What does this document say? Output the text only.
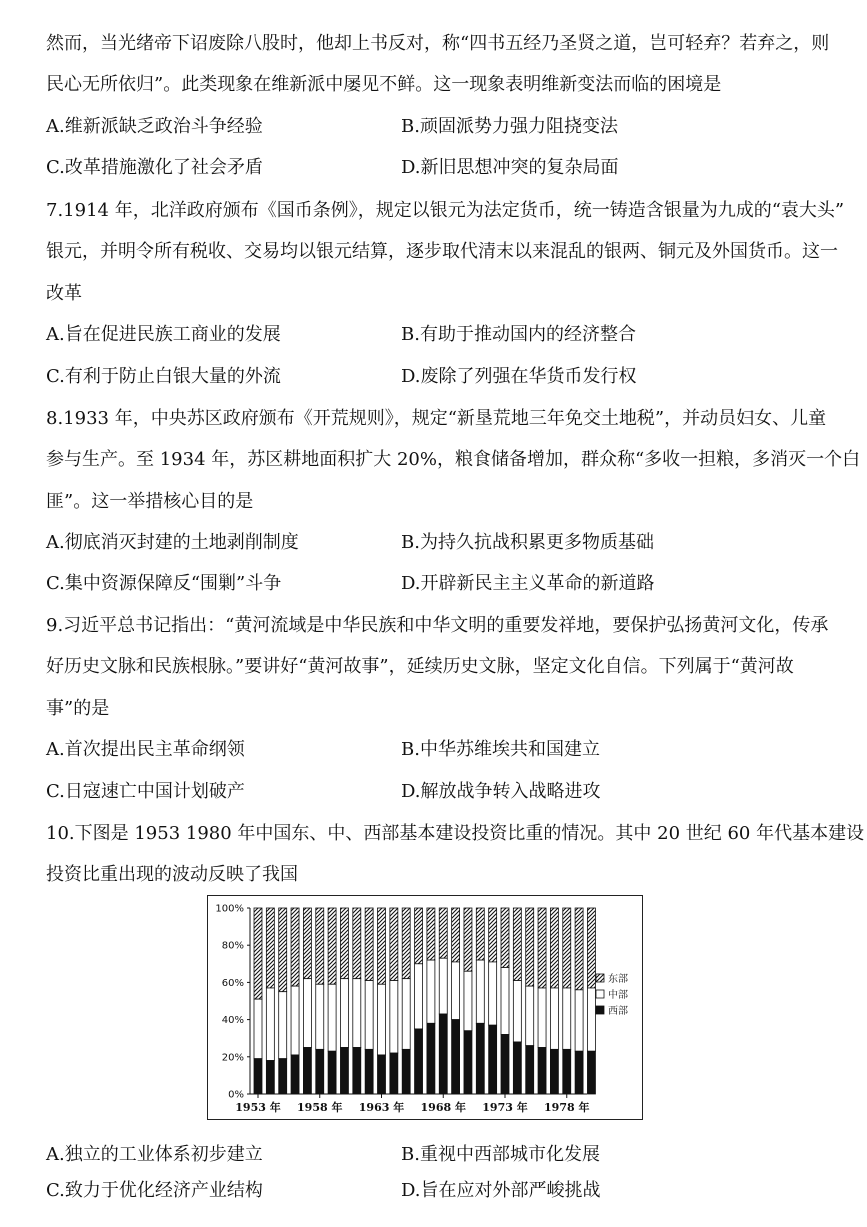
然而，当光绪帝下诏废除八股时，他却上书反对，称“四书五经乃圣贤之道，岂可轻弃？若弃之，则
民心无所依归”。此类现象在维新派中屡见不鲜。这一现象表明维新变法而临的困境是
A.维新派缺乏政治斗争经验	B.顽固派势力强力阻挠变法
C.改革措施激化了社会矛盾	D.新旧思想冲突的复杂局面
7.1914 年，北洋政府颁布《国币条例》，规定以银元为法定货币，统一铸造含银量为九成的“袁大头”
银元，并明令所有税收、交易均以银元结算，逐步取代清末以来混乱的银两、铜元及外国货币。这一
改革
A.旨在促进民族工商业的发展	B.有助于推动国内的经济整合
C.有利于防止白银大量的外流	D.废除了列强在华货币发行权
8.1933 年，中央苏区政府颁布《开荒规则》，规定“新垦荒地三年免交土地税”，并动员妇女、儿童
参与生产。至 1934 年，苏区耕地面积扩大 20%，粮食储备增加，群众称“多收一担粮，多消灭一个白
匪”。这一举措核心目的是
A.彻底消灭封建的土地剥削制度	B.为持久抗战积累更多物质基础
C.集中资源保障反“围剿”斗争	D.开辟新民主主义革命的新道路
9.习近平总书记指出：“黄河流域是中华民族和中华文明的重要发祥地，要保护弘扬黄河文化，传承
好历史文脉和民族根脉。”要讲好“黄河故事”，延续历史文脉，坚定文化自信。下列属于“黄河故
事”的是
A.首次提出民主革命纲领	B.中华苏维埃共和国建立
C.日寇速亡中国计划破产	D.解放战争转入战略进攻
10.下图是 1953 1980 年中国东、中、西部基本建设投资比重的情况。其中 20 世纪 60 年代基本建设
投资比重出现的波动反映了我国
0%
20%
40%
60%
80%
100%
1953 年 1958 年 1963 年 1968 年 1973 年 1978 年
东部
中部
西部
A.独立的工业体系初步建立	B.重视中西部城市化发展
C.致力于优化经济产业结构	D.旨在应对外部严峻挑战
